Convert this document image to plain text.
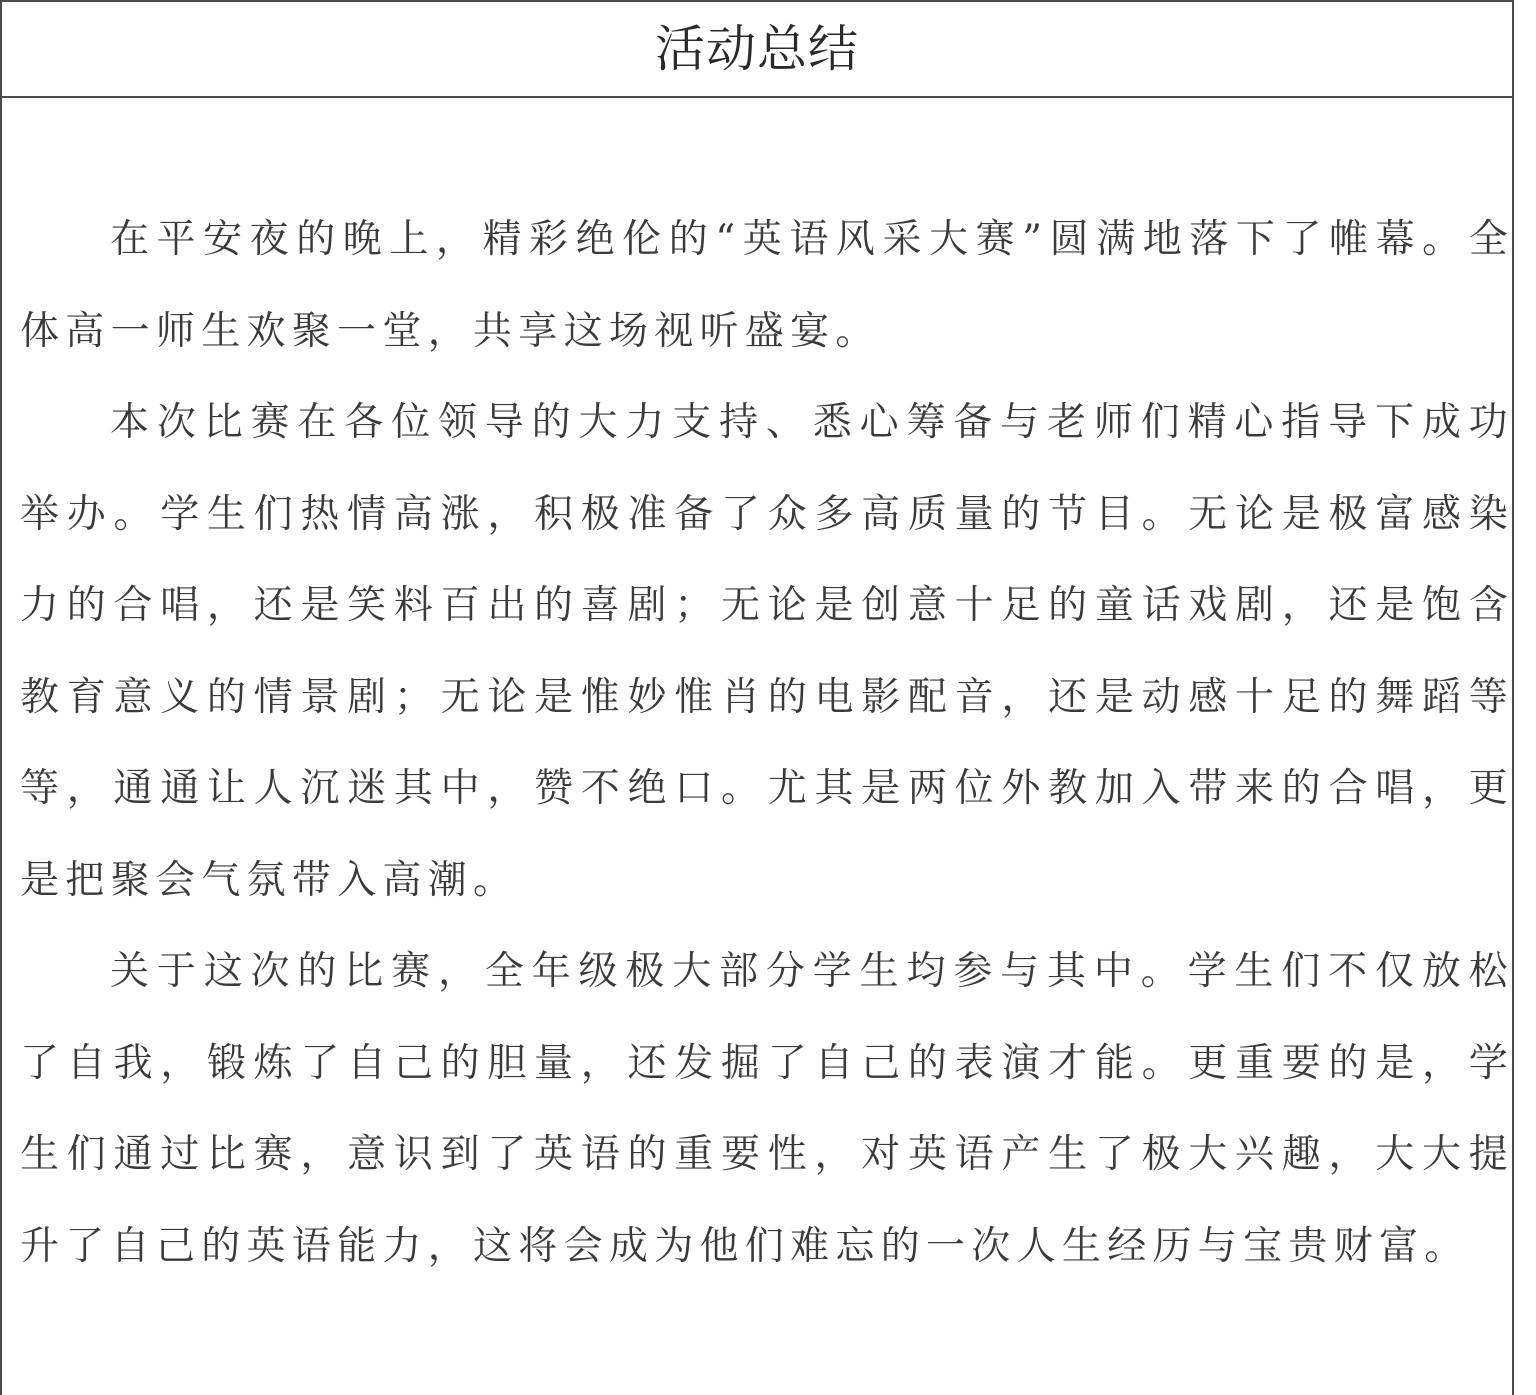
活动总结

在平安夜的晚上，精彩绝伦的“英语风采大赛”圆满地落下了帷幕。全体高一师生欢聚一堂，共享这场视听盛宴。

本次比赛在各位领导的大力支持、悉心筹备与老师们精心指导下成功举办。学生们热情高涨，积极准备了众多高质量的节目。无论是极富感染力的合唱，还是笑料百出的喜剧；无论是创意十足的童话戏剧，还是饱含教育意义的情景剧；无论是惟妙惟肖的电影配音，还是动感十足的舞蹈等等，通通让人沉迷其中，赞不绝口。尤其是两位外教加入带来的合唱，更是把聚会气氛带入高潮。

关于这次的比赛，全年级极大部分学生均参与其中。学生们不仅放松了自我，锻炼了自己的胆量，还发掘了自己的表演才能。更重要的是，学生们通过比赛，意识到了英语的重要性，对英语产生了极大兴趣，大大提升了自己的英语能力，这将会成为他们难忘的一次人生经历与宝贵财富。
